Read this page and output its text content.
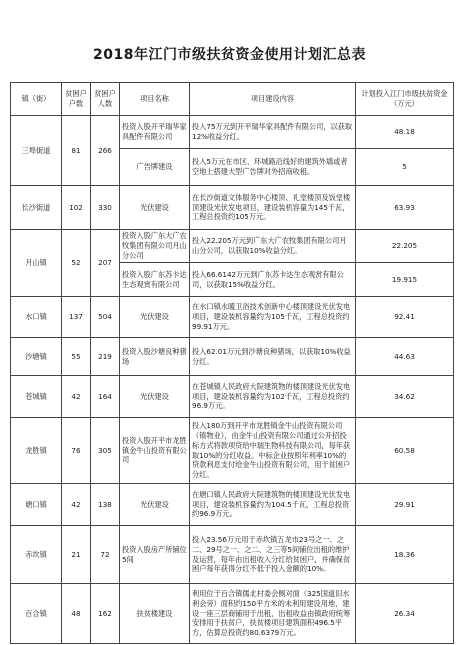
2018年江门市级扶贫资金使用计划汇总表
镇（街）	贫困户户数	贫困户人数	项目名称	项目建设内容	计划投入江门市级扶贫资金（万元）
三埠街道	81	266	投资入股开平瑞华家具配件有限公司	投入75万元到开平瑞华家具配件有限公司，以获取12%收益分红。	48.18
			广告牌建设	投入5万元在市区、环城路沿线好的建筑外墙或者空地上搭建大型广告牌对外招商收租。	5
长沙街道	102	330	光伏建设	在长沙街道文体服务中心楼顶、礼堂楼顶及饭堂楼顶建设光伏发电项目，建设装机容量为145千瓦，工程总投资约105万元。	63.93
月山镇	52	207	投资入股广东大广农牧集团有限公司月山分公司	投入22.205万元到广东大广农牧集团有限公司月山分公司，以获取10%收益分红。	22.205
			投资入股广东苏卡达生态观赏有限公司	投入66.6142万元到广东苏卡达生态观赏有限公司，以获取15%收益分红。	19.915
水口镇	137	504	光伏建设	在水口镇水暖卫浴技术创新中心楼顶建设光伏发电项目，建设装机容量约为105千瓦，工程总投资约99.91万元。	92.41
沙塘镇	55	219	投资入股沙塘良种猪场	投入62.01万元到沙塘良种猪场，以获取10%收益分红。	44.63
苍城镇	42	164	光伏建设	在苍城镇人民政府大院建筑物的楼顶建设光伏发电项目，建设装机容量约为102千瓦，工程总投资约96.9万元。	34.62
龙胜镇	76	305	投资入股开平市龙胜镇金牛山投资有限公司	投入180万到开平市龙胜镇金牛山投资有限公司（镇物业），由金牛山投资有限公司通过公开招投标方式将款项贷给中瑞生物科技有限公司，每年获取10%的分红收益。中标企业按照年利率10%的贷款利息支付给金牛山投资有限公司，用于贫困户分红。	60.58
塘口镇	42	138	光伏建设	在塘口镇人民政府大院建筑物的楼顶建设光伏发电项目，建设装机容量约为104.5千瓦，工程总投资约96.9万元。	29.91
赤坎镇	21	72	投资入股房产所铺位5间	投入23.56万元用于赤坎镇五龙市23号之一、之二、29号之一、之二、之三等5间铺位出租的维护及运营，每年由出租收入分红给贫困户，并确保贫困户每年获得分红不低于投入金额的10%。	18.36
百合镇	48	162	扶贫楼建设	利用位于百合镇儒北村委会侧对面（325国道旧水利会旁）面积约150平方米的未利用建设用地，建设一座三层商铺用于出租，出租收益由镇政府统筹安排用于扶贫户，扶贫楼项目建筑面积496.5平方，估算总投资约80.6379万元。	26.34
